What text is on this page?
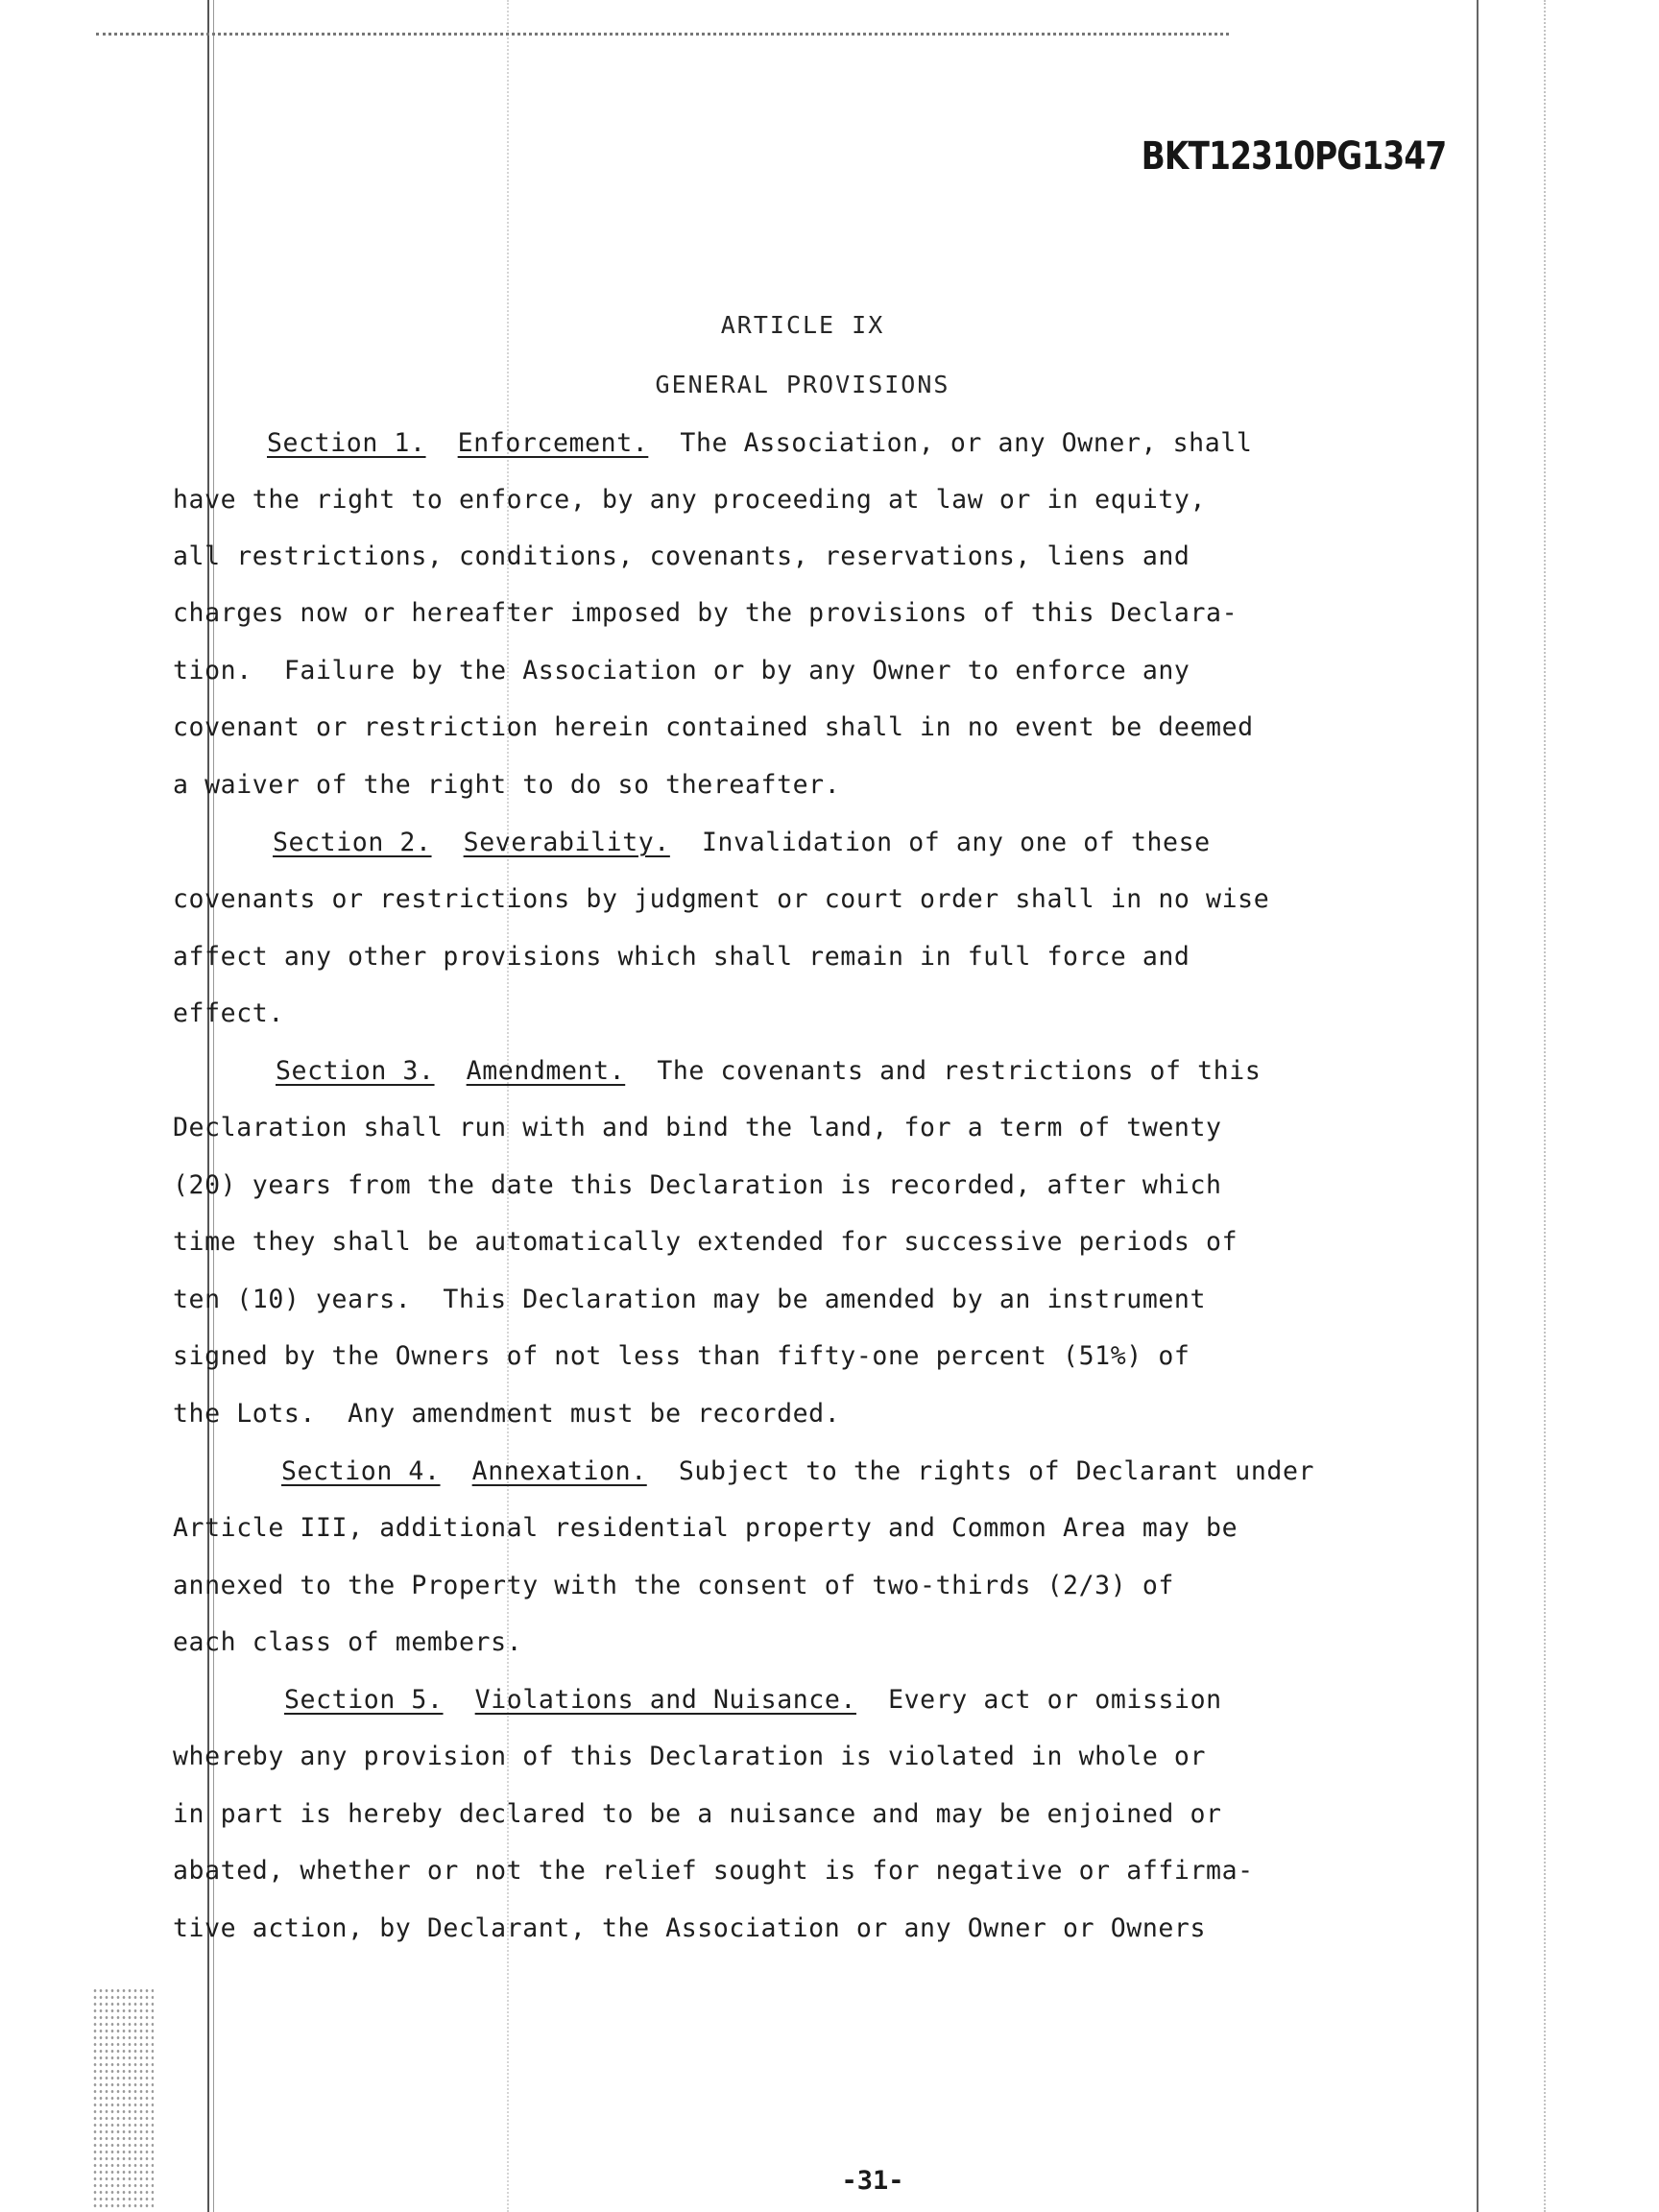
BKT12310PG1347
ARTICLE IX
GENERAL PROVISIONS
Section 1. Enforcement. The Association, or any Owner, shall
have the right to enforce, by any proceeding at law or in equity,
all restrictions, conditions, covenants, reservations, liens and
charges now or hereafter imposed by the provisions of this Declara-
tion.  Failure by the Association or by any Owner to enforce any
covenant or restriction herein contained shall in no event be deemed
a waiver of the right to do so thereafter.
Section 2. Severability. Invalidation of any one of these
covenants or restrictions by judgment or court order shall in no wise
affect any other provisions which shall remain in full force and
effect.
Section 3. Amendment. The covenants and restrictions of this
Declaration shall run with and bind the land, for a term of twenty
(20) years from the date this Declaration is recorded, after which
time they shall be automatically extended for successive periods of
ten (10) years.  This Declaration may be amended by an instrument
signed by the Owners of not less than fifty-one percent (51%) of
the Lots.  Any amendment must be recorded.
Section 4. Annexation. Subject to the rights of Declarant under
Article III, additional residential property and Common Area may be
annexed to the Property with the consent of two-thirds (2/3) of
each class of members.
Section 5. Violations and Nuisance. Every act or omission
whereby any provision of this Declaration is violated in whole or
in part is hereby declared to be a nuisance and may be enjoined or
abated, whether or not the relief sought is for negative or affirma-
tive action, by Declarant, the Association or any Owner or Owners
-31-
